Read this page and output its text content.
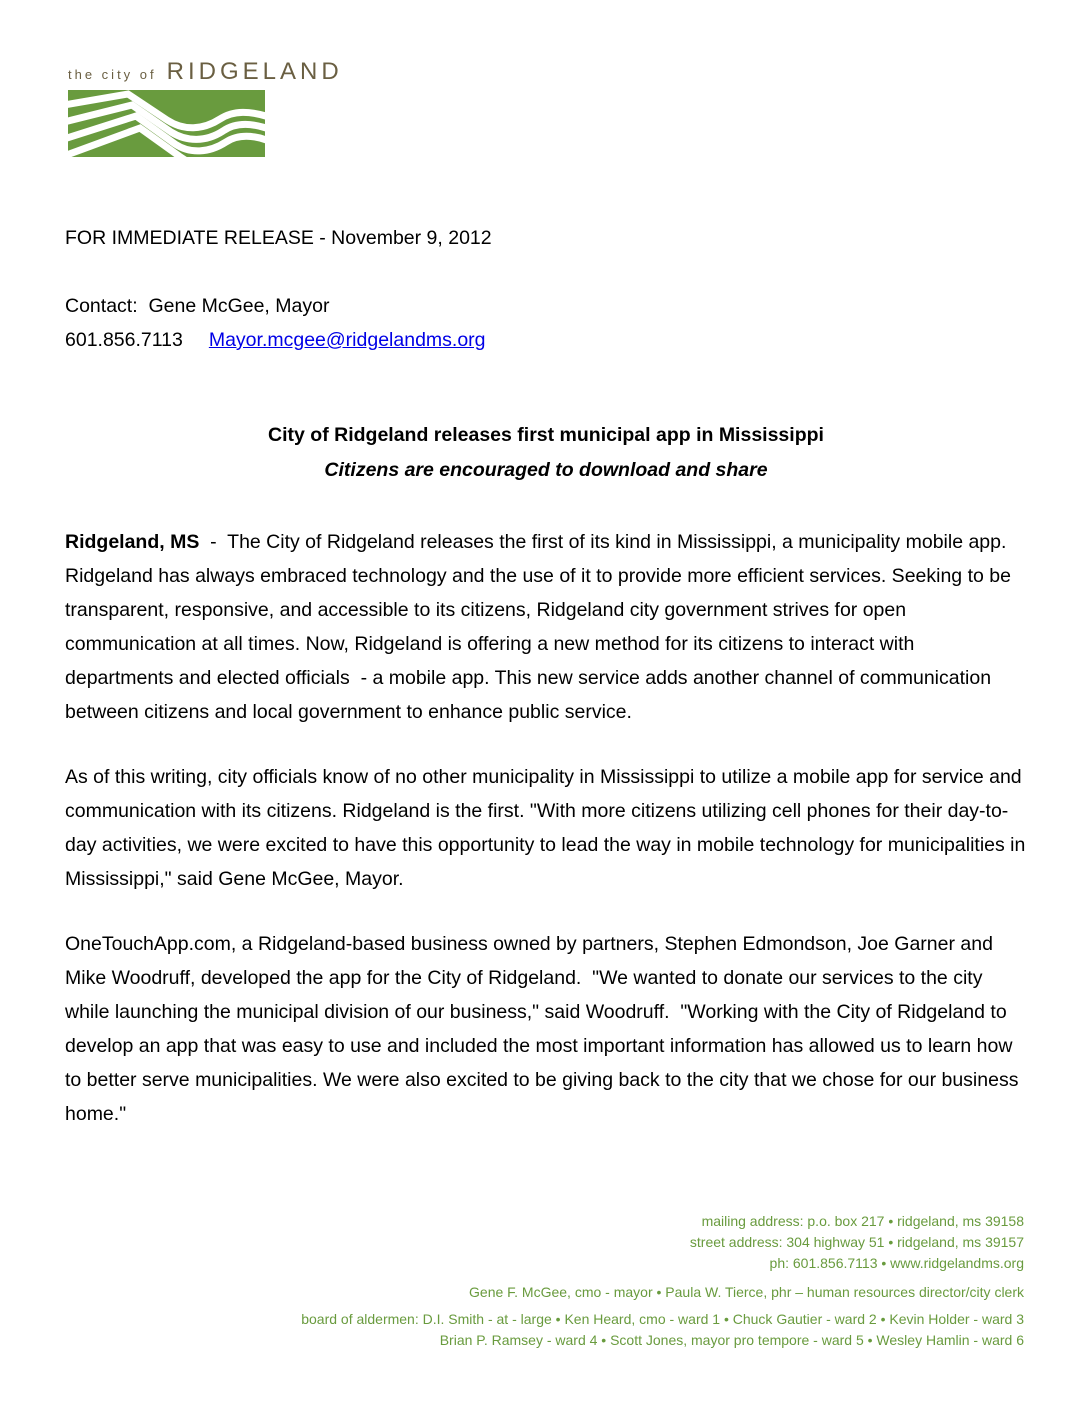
the city of RIDGELAND
FOR IMMEDIATE RELEASE - November 9, 2012
Contact:  Gene McGee, Mayor
601.856.7113 Mayor.mcgee@ridgelandms.org
City of Ridgeland releases first municipal app in Mississippi
Citizens are encouraged to download and share

Ridgeland, MS  -  The City of Ridgeland releases the first of its kind in Mississippi, a municipality mobile app. Ridgeland has always embraced technology and the use of it to provide more efficient services. Seeking to be transparent, responsive, and accessible to its citizens, Ridgeland city government strives for open communication at all times. Now, Ridgeland is offering a new method for its citizens to interact with departments and elected officials  - a mobile app. This new service adds another channel of communication between citizens and local government to enhance public service.

As of this writing, city officials know of no other municipality in Mississippi to utilize a mobile app for service and communication with its citizens. Ridgeland is the first. "With more citizens utilizing cell phones for their day-to-day activities, we were excited to have this opportunity to lead the way in mobile technology for municipalities in Mississippi," said Gene McGee, Mayor.

OneTouchApp.com, a Ridgeland-based business owned by partners, Stephen Edmondson, Joe Garner and Mike Woodruff, developed the app for the City of Ridgeland.  "We wanted to donate our services to the city while launching the municipal division of our business," said Woodruff.  "Working with the City of Ridgeland to develop an app that was easy to use and included the most important information has allowed us to learn how to better serve municipalities. We were also excited to be giving back to the city that we chose for our business home."

mailing address: p.o. box 217 • ridgeland, ms 39158
street address: 304 highway 51 • ridgeland, ms 39157
ph: 601.856.7113 • www.ridgelandms.org
Gene F. McGee, cmo - mayor • Paula W. Tierce, phr – human resources director/city clerk
board of aldermen: D.I. Smith - at - large • Ken Heard, cmo - ward 1 • Chuck Gautier - ward 2 • Kevin Holder - ward 3
Brian P. Ramsey - ward 4 • Scott Jones, mayor pro tempore - ward 5 • Wesley Hamlin - ward 6
